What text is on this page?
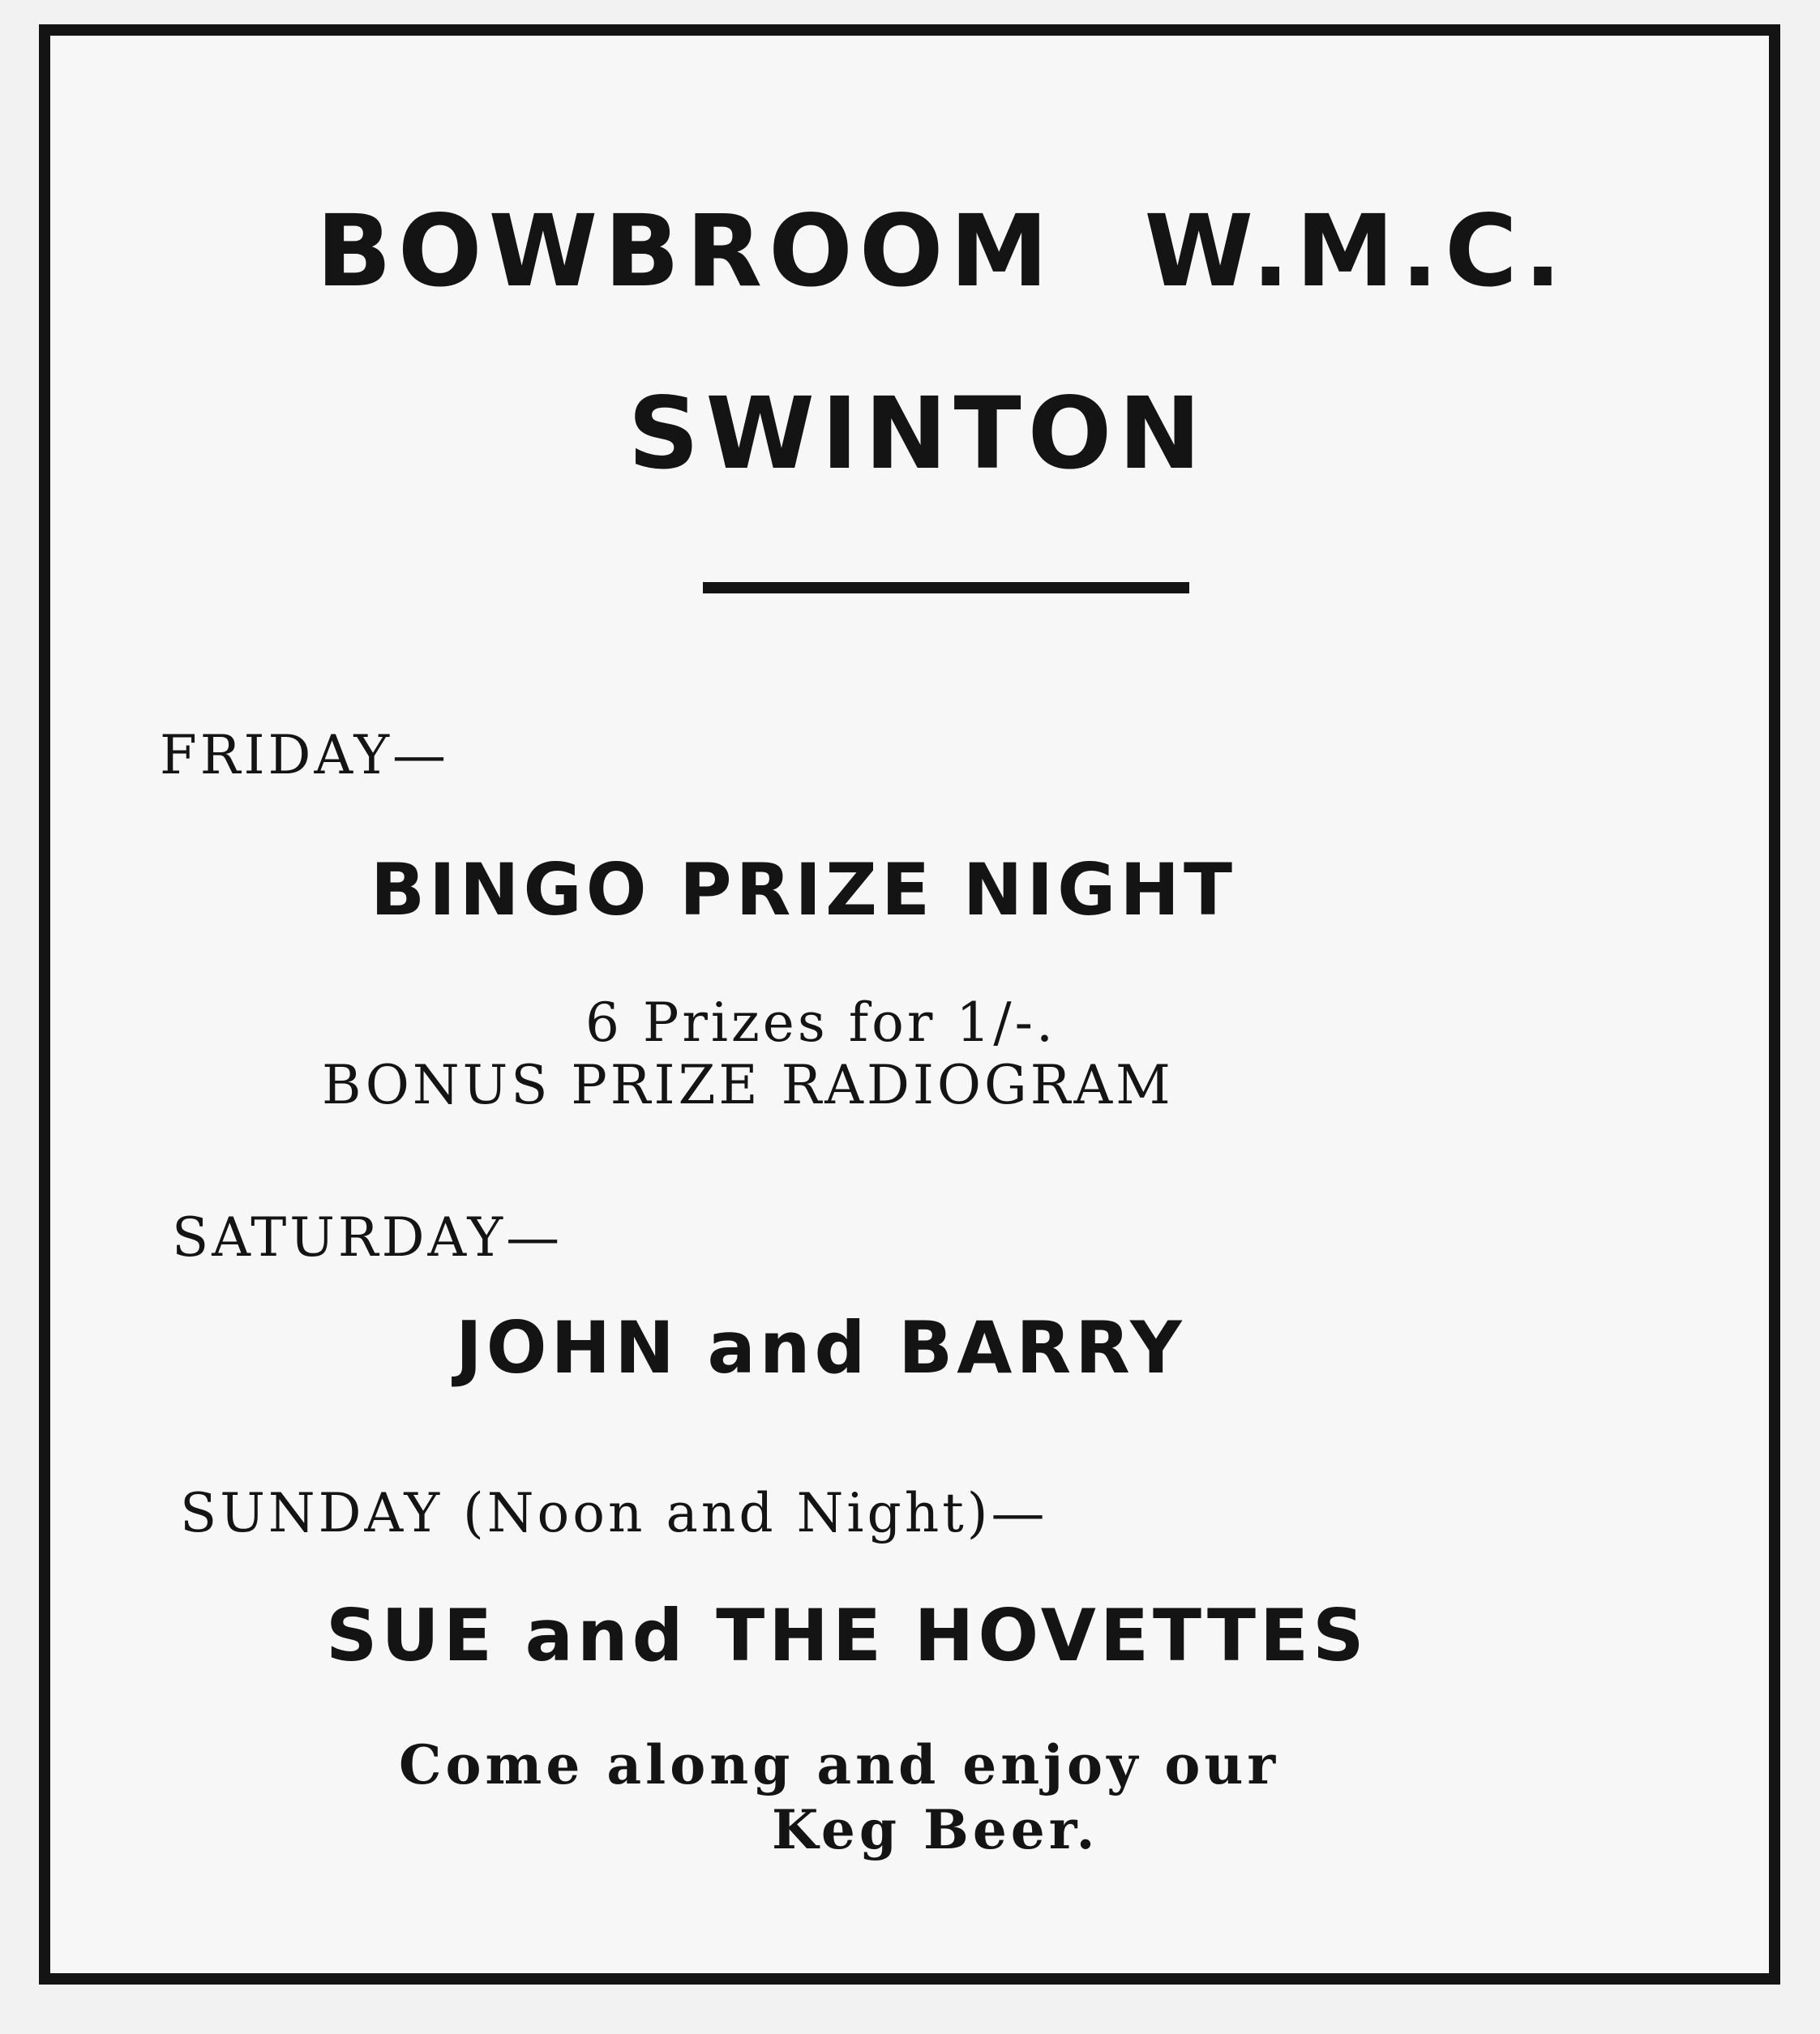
BOWBROOM W.M.C.
SWINTON
FRIDAY—
BINGO PRIZE NIGHT
6 Prizes for 1/-.
BONUS PRIZE RADIOGRAM
SATURDAY—
JOHN and BARRY
SUNDAY (Noon and Night)—
SUE and THE HOVETTES
Come along and enjoy our
Keg Beer.
